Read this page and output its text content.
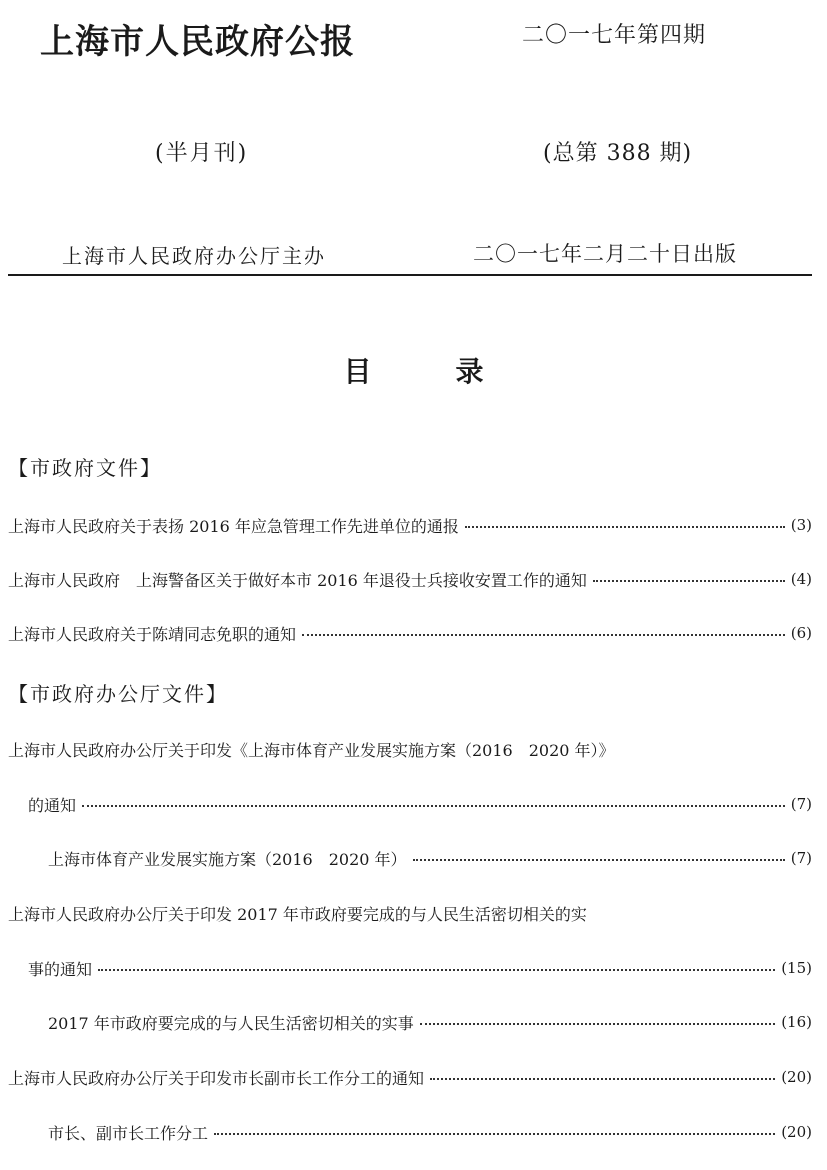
上海市人民政府公报	二〇一七年第四期
(半月刊)	(总第 388 期)
上海市人民政府办公厅主办	二〇一七年二月二十日出版
目　　　录
【市政府文件】
上海市人民政府关于表扬 2016 年应急管理工作先进单位的通报	(3)
上海市人民政府　上海警备区关于做好本市 2016 年退役士兵接收安置工作的通知	(4)
上海市人民政府关于陈靖同志免职的通知	(6)
【市政府办公厅文件】
上海市人民政府办公厅关于印发《上海市体育产业发展实施方案（2016　2020 年）》
的通知	(7)
上海市体育产业发展实施方案（2016　2020 年）	(7)
上海市人民政府办公厅关于印发 2017 年市政府要完成的与人民生活密切相关的实
事的通知	(15)
2017 年市政府要完成的与人民生活密切相关的实事	(16)
上海市人民政府办公厅关于印发市长副市长工作分工的通知	(20)
市长、副市长工作分工	(20)
